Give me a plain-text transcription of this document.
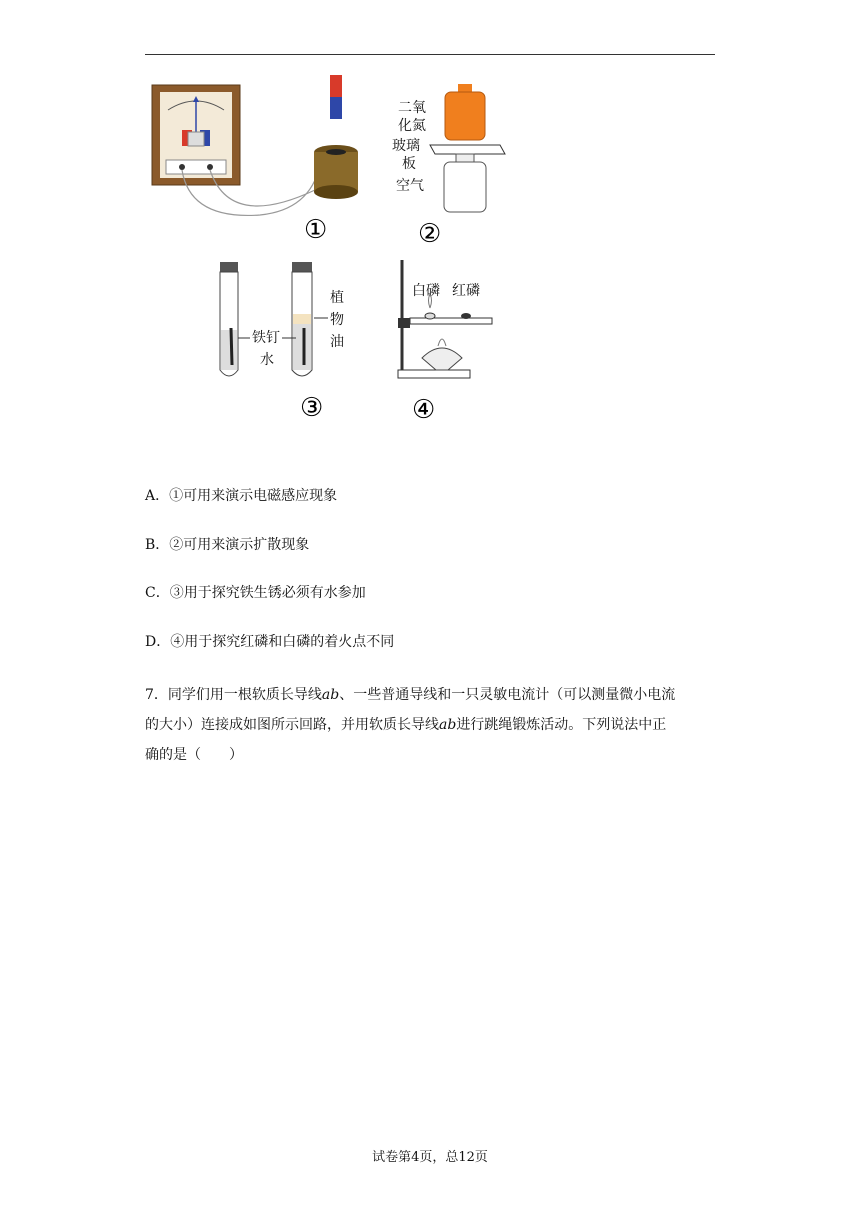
①
二氧
化氮
玻璃
板
空气
②
植
物
油
铁钉
水
③
白磷 红磷
④
A．①可用来演示电磁感应现象
B．②可用来演示扩散现象
C．③用于探究铁生锈必须有水参加
D．④用于探究红磷和白磷的着火点不同

7．同学们用一根软质长导线ab、一些普通导线和一只灵敏电流计（可以测量微小电流

的大小）连接成如图所示回路，并用软质长导线ab进行跳绳锻炼活动。下列说法中正

确的是（　　）

试卷第4页，总12页
